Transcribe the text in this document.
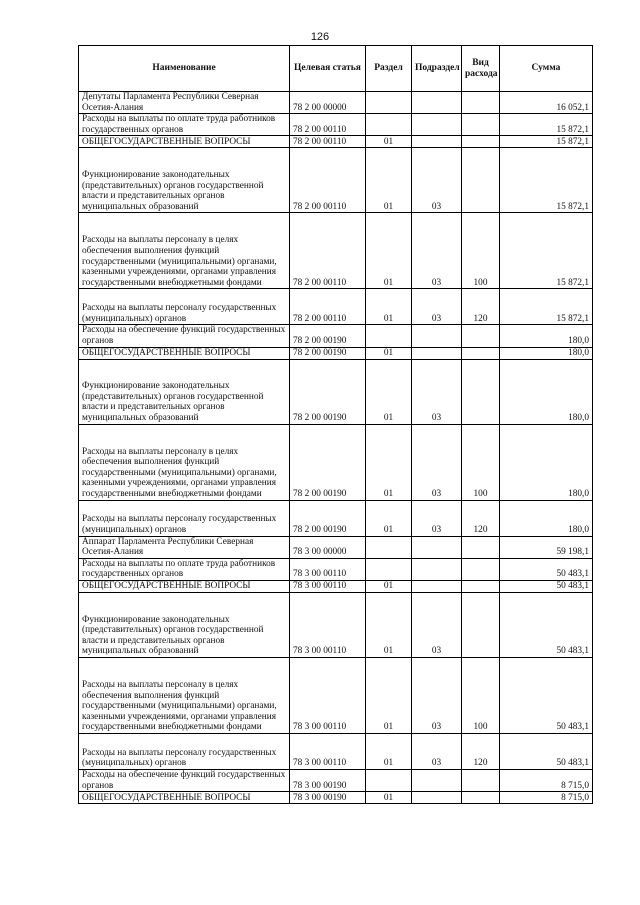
126
Наименование	Целевая статья	Раздел	Подраздел	Вид расхода	Сумма
Депутаты Парламента Республики Северная Осетия-Алания	78 2 00 00000				16 052,1
Расходы на выплаты по оплате труда работников государственных органов	78 2 00 00110				15 872,1
ОБЩЕГОСУДАРСТВЕННЫЕ ВОПРОСЫ	78 2 00 00110	01			15 872,1
Функционирование законодательных (представительных) органов государственной власти и представительных органов муниципальных образований	78 2 00 00110	01	03		15 872,1
Расходы на выплаты персоналу в целях обеспечения выполнения функций государственными (муниципальными) органами, казенными учреждениями, органами управления государственными внебюджетными фондами	78 2 00 00110	01	03	100	15 872,1
Расходы на выплаты персоналу государственных (муниципальных) органов	78 2 00 00110	01	03	120	15 872,1
Расходы на обеспечение функций государственных органов	78 2 00 00190				180,0
ОБЩЕГОСУДАРСТВЕННЫЕ ВОПРОСЫ	78 2 00 00190	01			180,0
Функционирование законодательных (представительных) органов государственной власти и представительных органов муниципальных образований	78 2 00 00190	01	03		180,0
Расходы на выплаты персоналу в целях обеспечения выполнения функций государственными (муниципальными) органами, казенными учреждениями, органами управления государственными внебюджетными фондами	78 2 00 00190	01	03	100	180,0
Расходы на выплаты персоналу государственных (муниципальных) органов	78 2 00 00190	01	03	120	180,0
Аппарат Парламента Республики Северная Осетия-Алания	78 3 00 00000				59 198,1
Расходы на выплаты по оплате труда работников государственных органов	78 3 00 00110				50 483,1
ОБЩЕГОСУДАРСТВЕННЫЕ ВОПРОСЫ	78 3 00 00110	01			50 483,1
Функционирование законодательных (представительных) органов государственной власти и представительных органов муниципальных образований	78 3 00 00110	01	03		50 483,1
Расходы на выплаты персоналу в целях обеспечения выполнения функций государственными (муниципальными) органами, казенными учреждениями, органами управления государственными внебюджетными фондами	78 3 00 00110	01	03	100	50 483,1
Расходы на выплаты персоналу государственных (муниципальных) органов	78 3 00 00110	01	03	120	50 483,1
Расходы на обеспечение функций государственных органов	78 3 00 00190				8 715,0
ОБЩЕГОСУДАРСТВЕННЫЕ ВОПРОСЫ	78 3 00 00190	01			8 715,0
